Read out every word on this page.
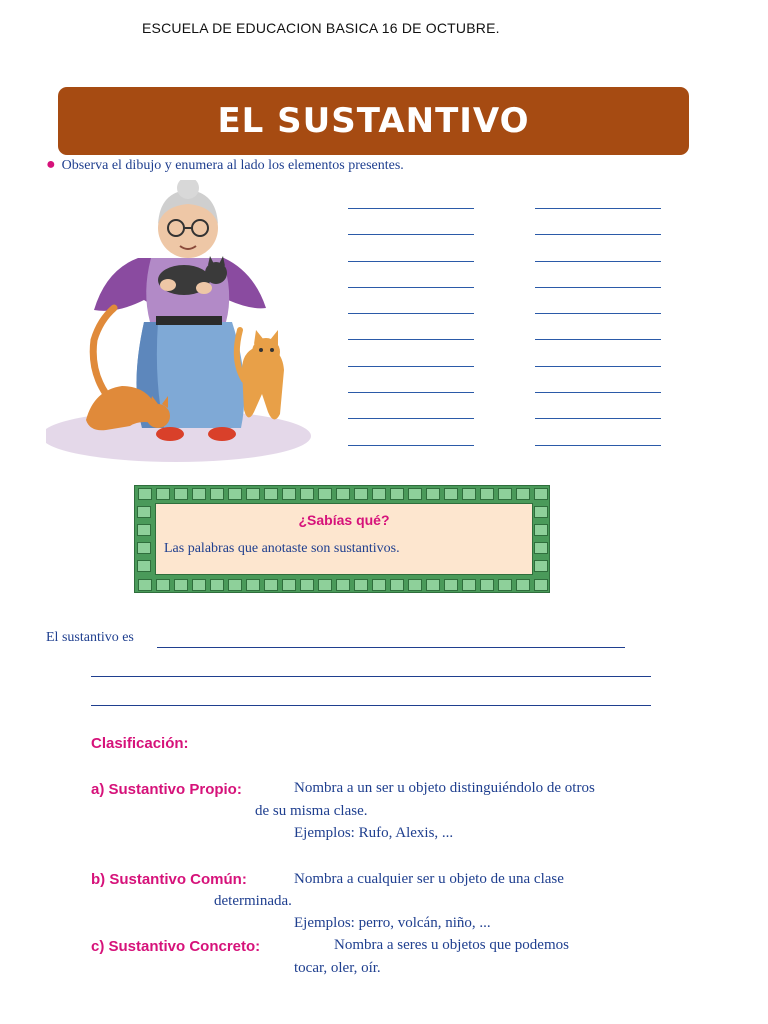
ESCUELA DE EDUCACION BASICA 16 DE OCTUBRE.
EL SUSTANTIVO
● Observa el dibujo y enumera al lado los elementos presentes.
¿Sabías qué?
Las palabras que anotaste son sustantivos.
El sustantivo es
Clasificación:
a) Sustantivo Propio:	Nombra a un ser u objeto distinguiéndolo de otros
de su misma clase.
Ejemplos: Rufo, Alexis, ...
b) Sustantivo Común:	Nombra a cualquier ser u objeto de una clase
determinada.
Ejemplos: perro, volcán, niño, ...
c) Sustantivo Concreto:	Nombra a seres u objetos que podemos
tocar, oler, oír.
